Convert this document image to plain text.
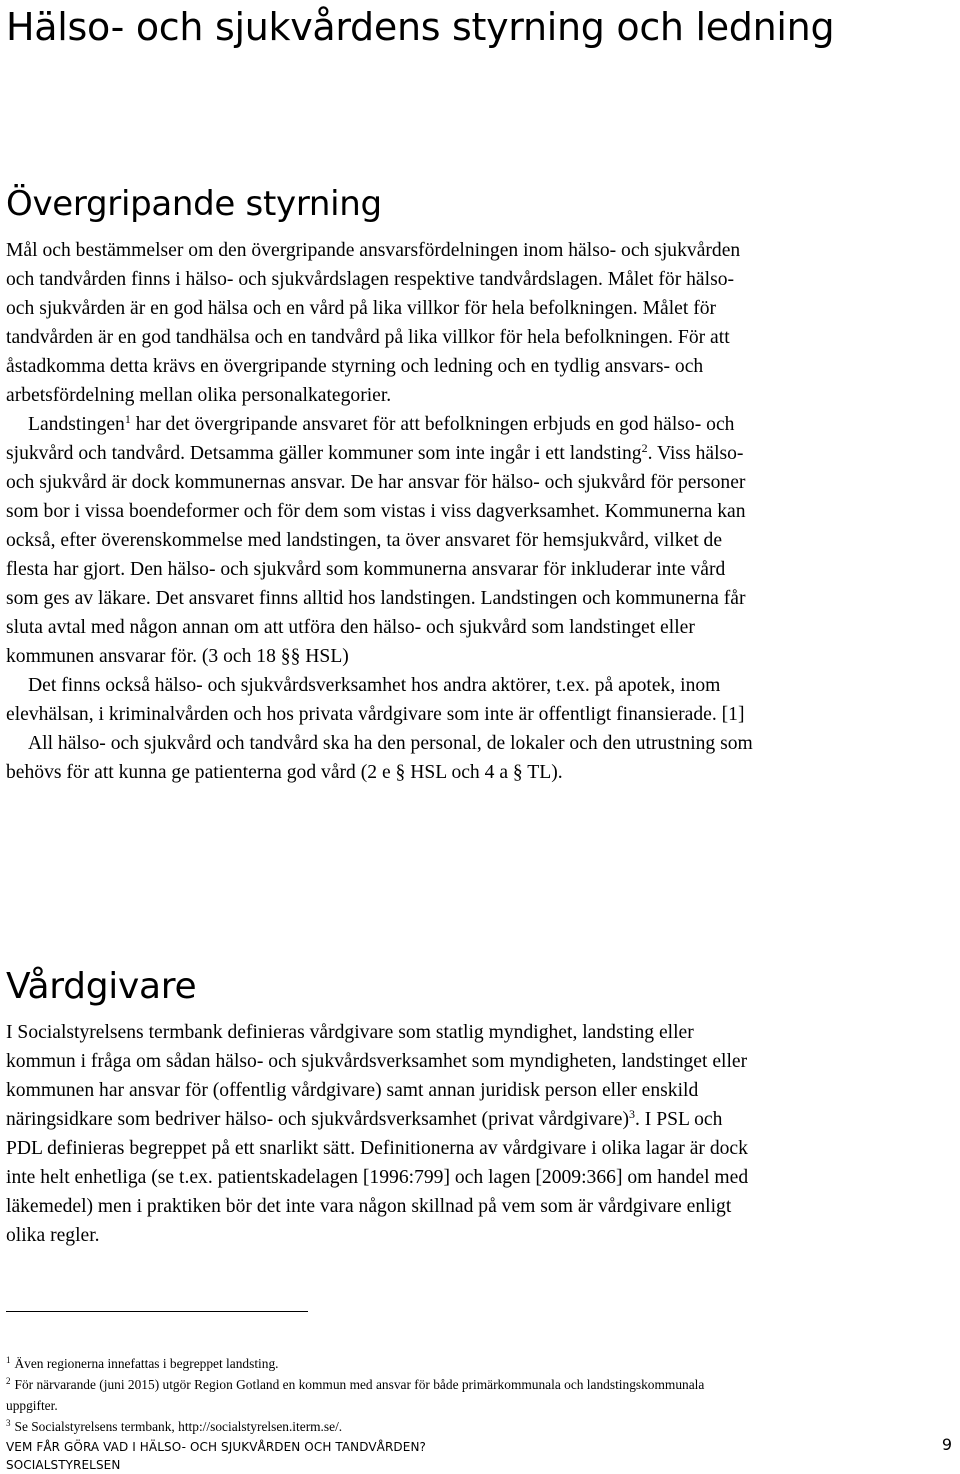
Hälso- och sjukvårdens styrning och ledning
Övergripande styrning

Mål och bestämmelser om den övergripande ansvarsfördelningen inom hälso- och sjukvården och tandvården finns i hälso- och sjukvårdslagen respektive tandvårdslagen. Målet för hälso- och sjukvården är en god hälsa och en vård på lika villkor för hela befolkningen. Målet för tandvården är en god tandhälsa och en tandvård på lika villkor för hela befolkningen. För att åstadkomma detta krävs en övergripande styrning och ledning och en tydlig ansvars- och arbetsfördelning mellan olika personalkategorier.

Landstingen$^1$ har det övergripande ansvaret för att befolkningen erbjuds en god hälso- och sjukvård och tandvård. Detsamma gäller kommuner som inte ingår i ett landsting$^2$. Viss hälso- och sjukvård är dock kommunernas ansvar. De har ansvar för hälso- och sjukvård för personer som bor i vissa boendeformer och för dem som vistas i viss dagverksamhet. Kommunerna kan också, efter överenskommelse med landstingen, ta över ansvaret för hemsjukvård, vilket de flesta har gjort. Den hälso- och sjukvård som kommunerna ansvarar för inkluderar inte vård som ges av läkare. Det ansvaret finns alltid hos landstingen. Landstingen och kommunerna får sluta avtal med någon annan om att utföra den hälso- och sjukvård som landstinget eller kommunen ansvarar för. (3 och 18 §§ HSL)

Det finns också hälso- och sjukvårdsverksamhet hos andra aktörer, t.ex. på apotek, inom elevhälsan, i kriminalvården och hos privata vårdgivare som inte är offentligt finansierade. [1]

All hälso- och sjukvård och tandvård ska ha den personal, de lokaler och den utrustning som behövs för att kunna ge patienterna god vård (2 e § HSL och 4 a § TL).

Vårdgivare

I Socialstyrelsens termbank definieras vårdgivare som statlig myndighet, landsting eller kommun i fråga om sådan hälso- och sjukvårdsverksamhet som myndigheten, landstinget eller kommunen har ansvar för (offentlig vårdgivare) samt annan juridisk person eller enskild näringsidkare som bedriver hälso- och sjukvårdsverksamhet (privat vårdgivare)$^3$. I PSL och PDL definieras begreppet på ett snarlikt sätt. Definitionerna av vårdgivare i olika lagar är dock inte helt enhetliga (se t.ex. patientskadelagen [1996:799] och lagen [2009:366] om handel med läkemedel) men i praktiken bör det inte vara någon skillnad på vem som är vårdgivare enligt olika regler.

$^1$ Även regionerna innefattas i begreppet landsting.

$^2$ För närvarande (juni 2015) utgör Region Gotland en kommun med ansvar för både primärkommunala och landstingskommunala uppgifter.

$^3$ Se Socialstyrelsens termbank, http://socialstyrelsen.iterm.se/.

VEM FÅR GÖRA VAD I HÄLSO- OCH SJUKVÅRDEN OCH TANDVÅRDEN?
SOCIALSTYRELSEN
9
